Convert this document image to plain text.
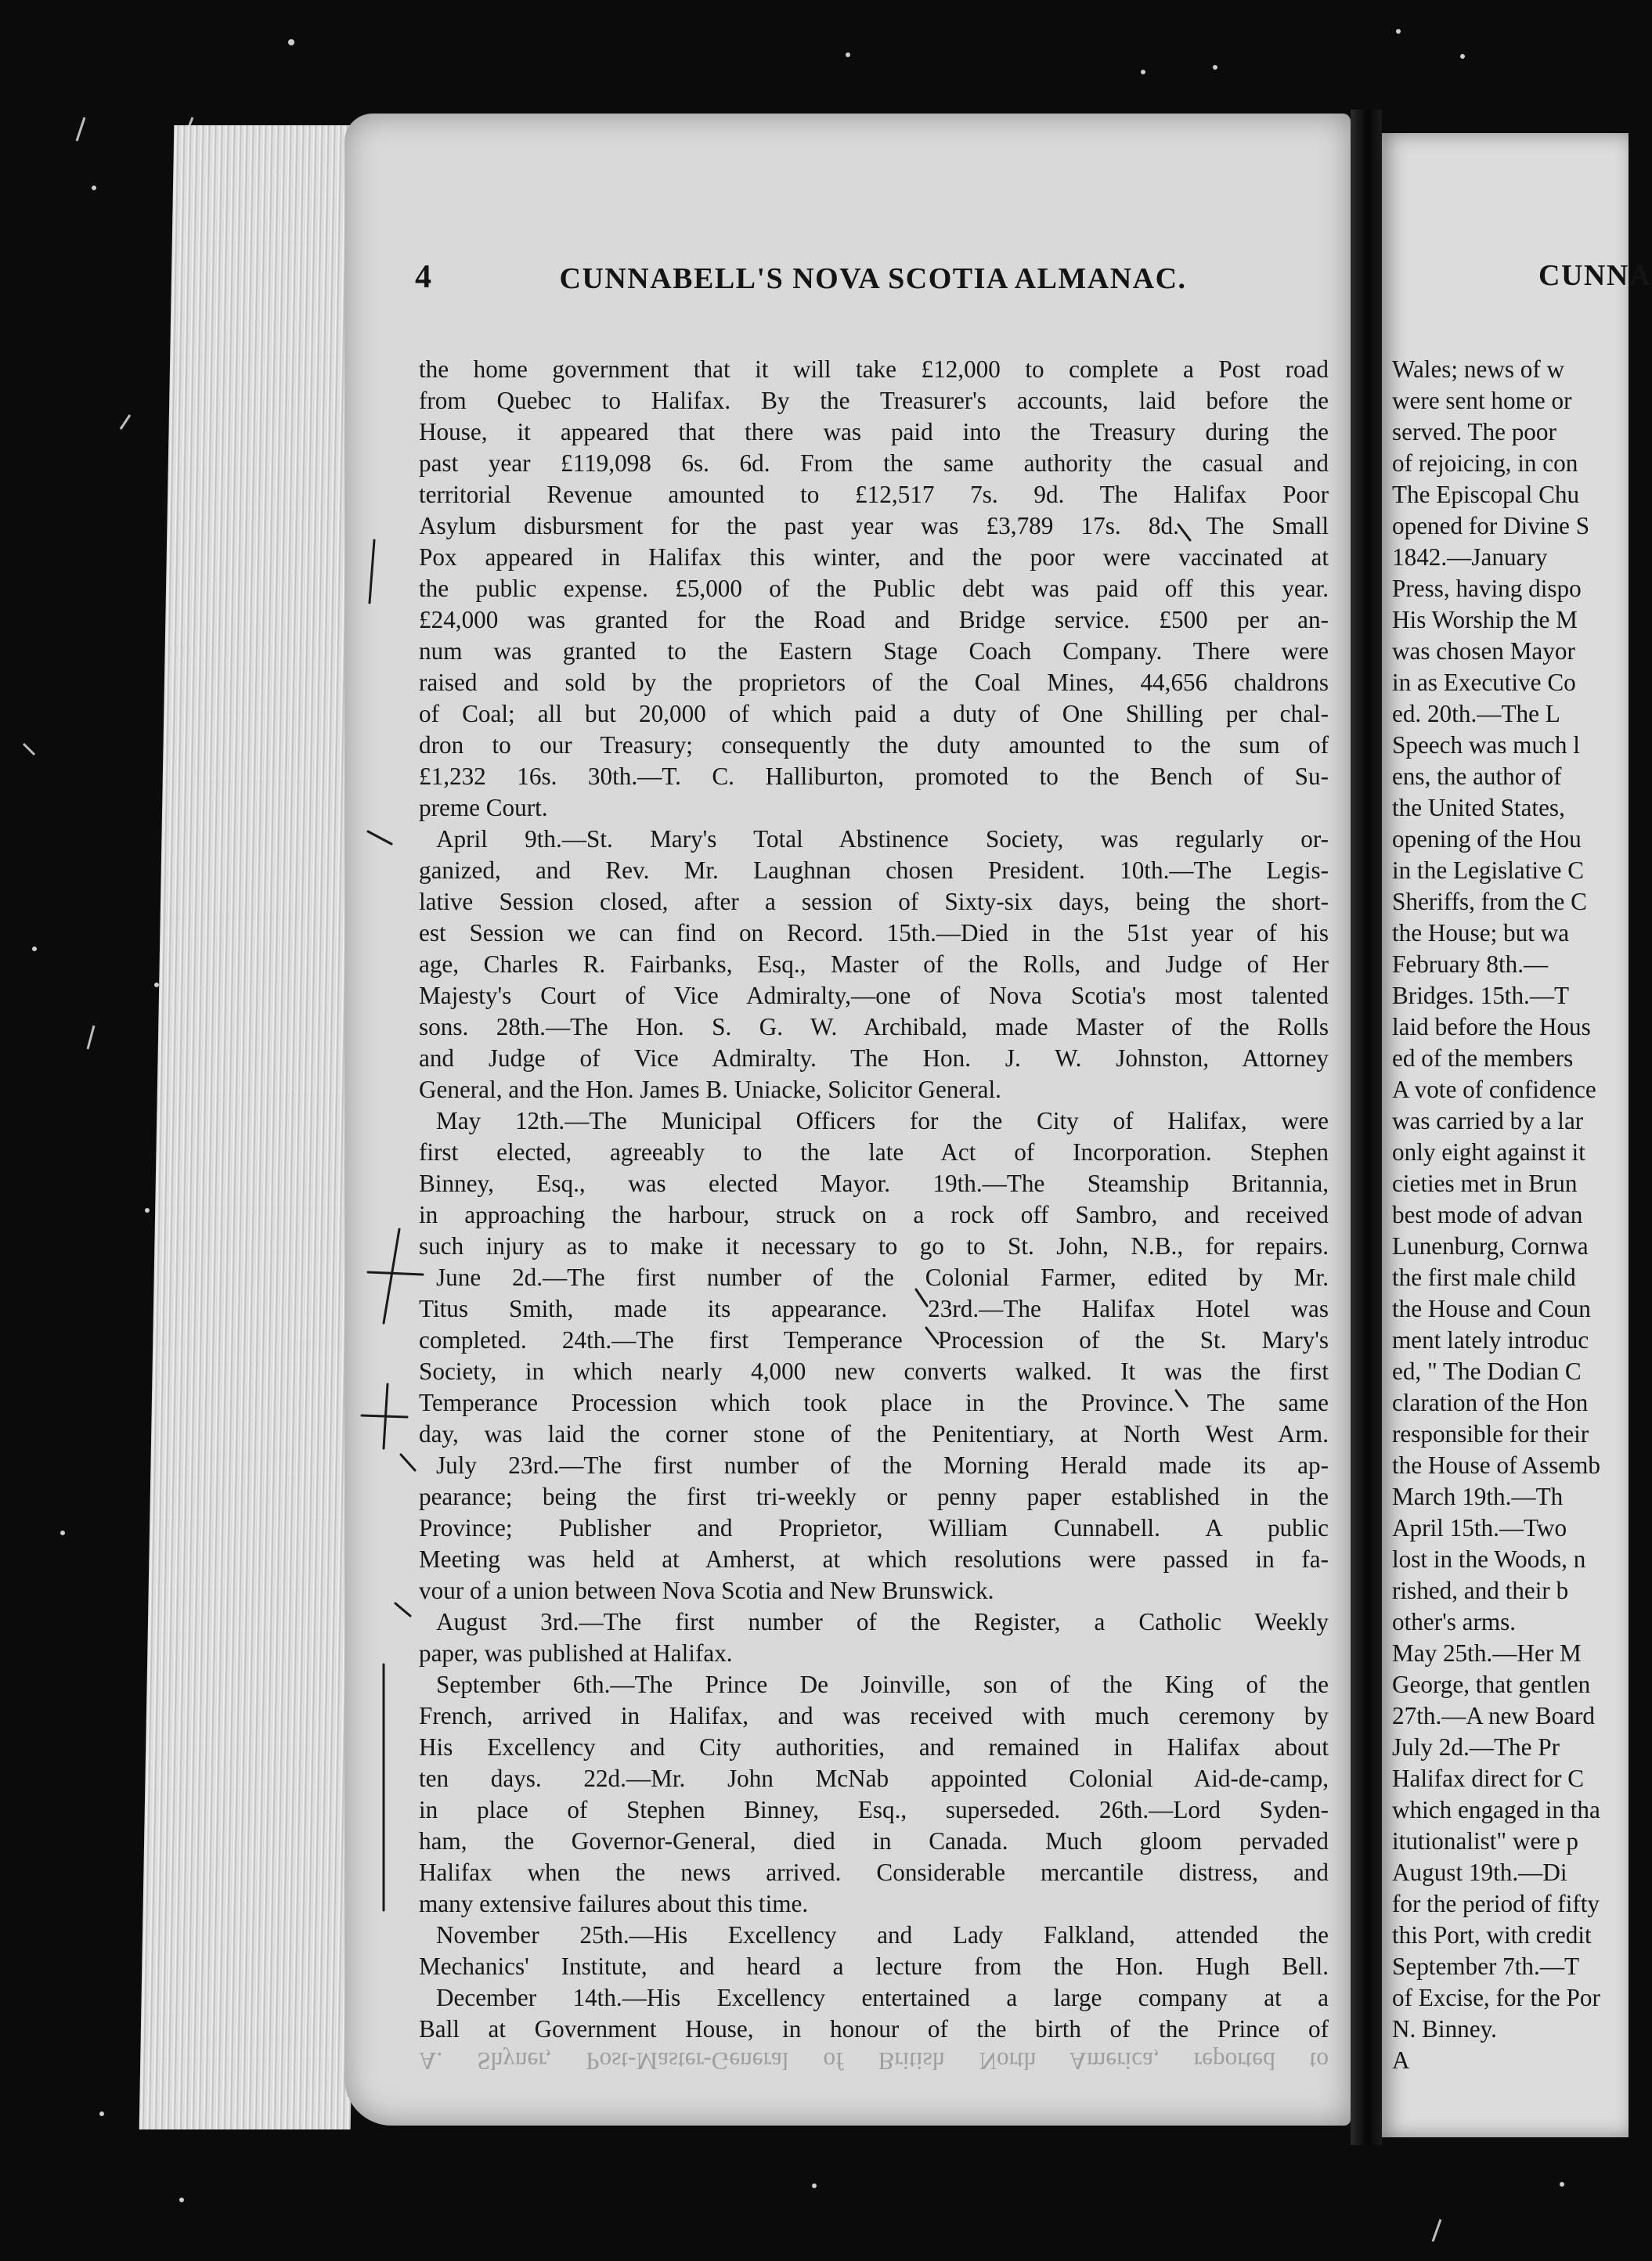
4	CUNNABELL'S NOVA SCOTIA ALMANAC.
the home government that it will take £12,000 to complete a Post road
from Quebec to Halifax. By the Treasurer's accounts, laid before the
House, it appeared that there was paid into the Treasury during the
past year £119,098 6s. 6d. From the same authority the casual and
territorial Revenue amounted to £12,517 7s. 9d. The Halifax Poor
Asylum disbursment for the past year was £3,789 17s. 8d. The Small
Pox appeared in Halifax this winter, and the poor were vaccinated at
the public expense. £5,000 of the Public debt was paid off this year.
£24,000 was granted for the Road and Bridge service. £500 per an-
num was granted to the Eastern Stage Coach Company. There were
raised and sold by the proprietors of the Coal Mines, 44,656 chaldrons
of Coal; all but 20,000 of which paid a duty of One Shilling per chal-
dron to our Treasury; consequently the duty amounted to the sum of
£1,232 16s. 30th.—T. C. Halliburton, promoted to the Bench of Su-
preme Court.
April 9th.—St. Mary's Total Abstinence Society, was regularly or-
ganized, and Rev. Mr. Laughnan chosen President. 10th.—The Legis-
lative Session closed, after a session of Sixty-six days, being the short-
est Session we can find on Record. 15th.—Died in the 51st year of his
age, Charles R. Fairbanks, Esq., Master of the Rolls, and Judge of Her
Majesty's Court of Vice Admiralty,—one of Nova Scotia's most talented
sons. 28th.—The Hon. S. G. W. Archibald, made Master of the Rolls
and Judge of Vice Admiralty. The Hon. J. W. Johnston, Attorney
General, and the Hon. James B. Uniacke, Solicitor General.
May 12th.—The Municipal Officers for the City of Halifax, were
first elected, agreeably to the late Act of Incorporation. Stephen
Binney, Esq., was elected Mayor. 19th.—The Steamship Britannia,
in approaching the harbour, struck on a rock off Sambro, and received
such injury as to make it necessary to go to St. John, N.B., for repairs.
June 2d.—The first number of the Colonial Farmer, edited by Mr.
Titus Smith, made its appearance. 23rd.—The Halifax Hotel was
completed. 24th.—The first Temperance Procession of the St. Mary's
Society, in which nearly 4,000 new converts walked. It was the first
Temperance Procession which took place in the Province. The same
day, was laid the corner stone of the Penitentiary, at North West Arm.
July 23rd.—The first number of the Morning Herald made its ap-
pearance; being the first tri-weekly or penny paper established in the
Province; Publisher and Proprietor, William Cunnabell. A public
Meeting was held at Amherst, at which resolutions were passed in fa-
vour of a union between Nova Scotia and New Brunswick.
August 3rd.—The first number of the Register, a Catholic Weekly
paper, was published at Halifax.
September 6th.—The Prince De Joinville, son of the King of the
French, arrived in Halifax, and was received with much ceremony by
His Excellency and City authorities, and remained in Halifax about
ten days. 22d.—Mr. John McNab appointed Colonial Aid-de-camp,
in place of Stephen Binney, Esq., superseded. 26th.—Lord Syden-
ham, the Governor-General, died in Canada. Much gloom pervaded
Halifax when the news arrived. Considerable mercantile distress, and
many extensive failures about this time.
November 25th.—His Excellency and Lady Falkland, attended the
Mechanics' Institute, and heard a lecture from the Hon. Hugh Bell.
December 14th.—His Excellency entertained a large company at a
Ball at Government House, in honour of the birth of the Prince of
A. Shyner, Post-Master-General of British North America, reported to
CUNNA
Wales; news of w
were sent home or
served. The poor
of rejoicing, in con
The Episcopal Chu
opened for Divine S
1842.—January
Press, having dispo
His Worship the M
was chosen Mayor
in as Executive Co
ed. 20th.—The L
Speech was much l
ens, the author of
the United States,
opening of the Hou
in the Legislative C
Sheriffs, from the C
the House; but wa
February 8th.—
Bridges. 15th.—T
laid before the Hous
ed of the members
A vote of confidence
was carried by a lar
only eight against it
cieties met in Brun
best mode of advan
Lunenburg, Cornwa
the first male child
the House and Coun
ment lately introduc
ed, " The Dodian C
claration of the Hon
responsible for their
the House of Assemb
March 19th.—Th
April 15th.—Two
lost in the Woods, n
rished, and their b
other's arms.
May 25th.—Her M
George, that gentlen
27th.—A new Board
July 2d.—The Pr
Halifax direct for C
which engaged in tha
itutionalist" were p
August 19th.—Di
for the period of fifty
this Port, with credit
September 7th.—T
of Excise, for the Por
N. Binney.
A
